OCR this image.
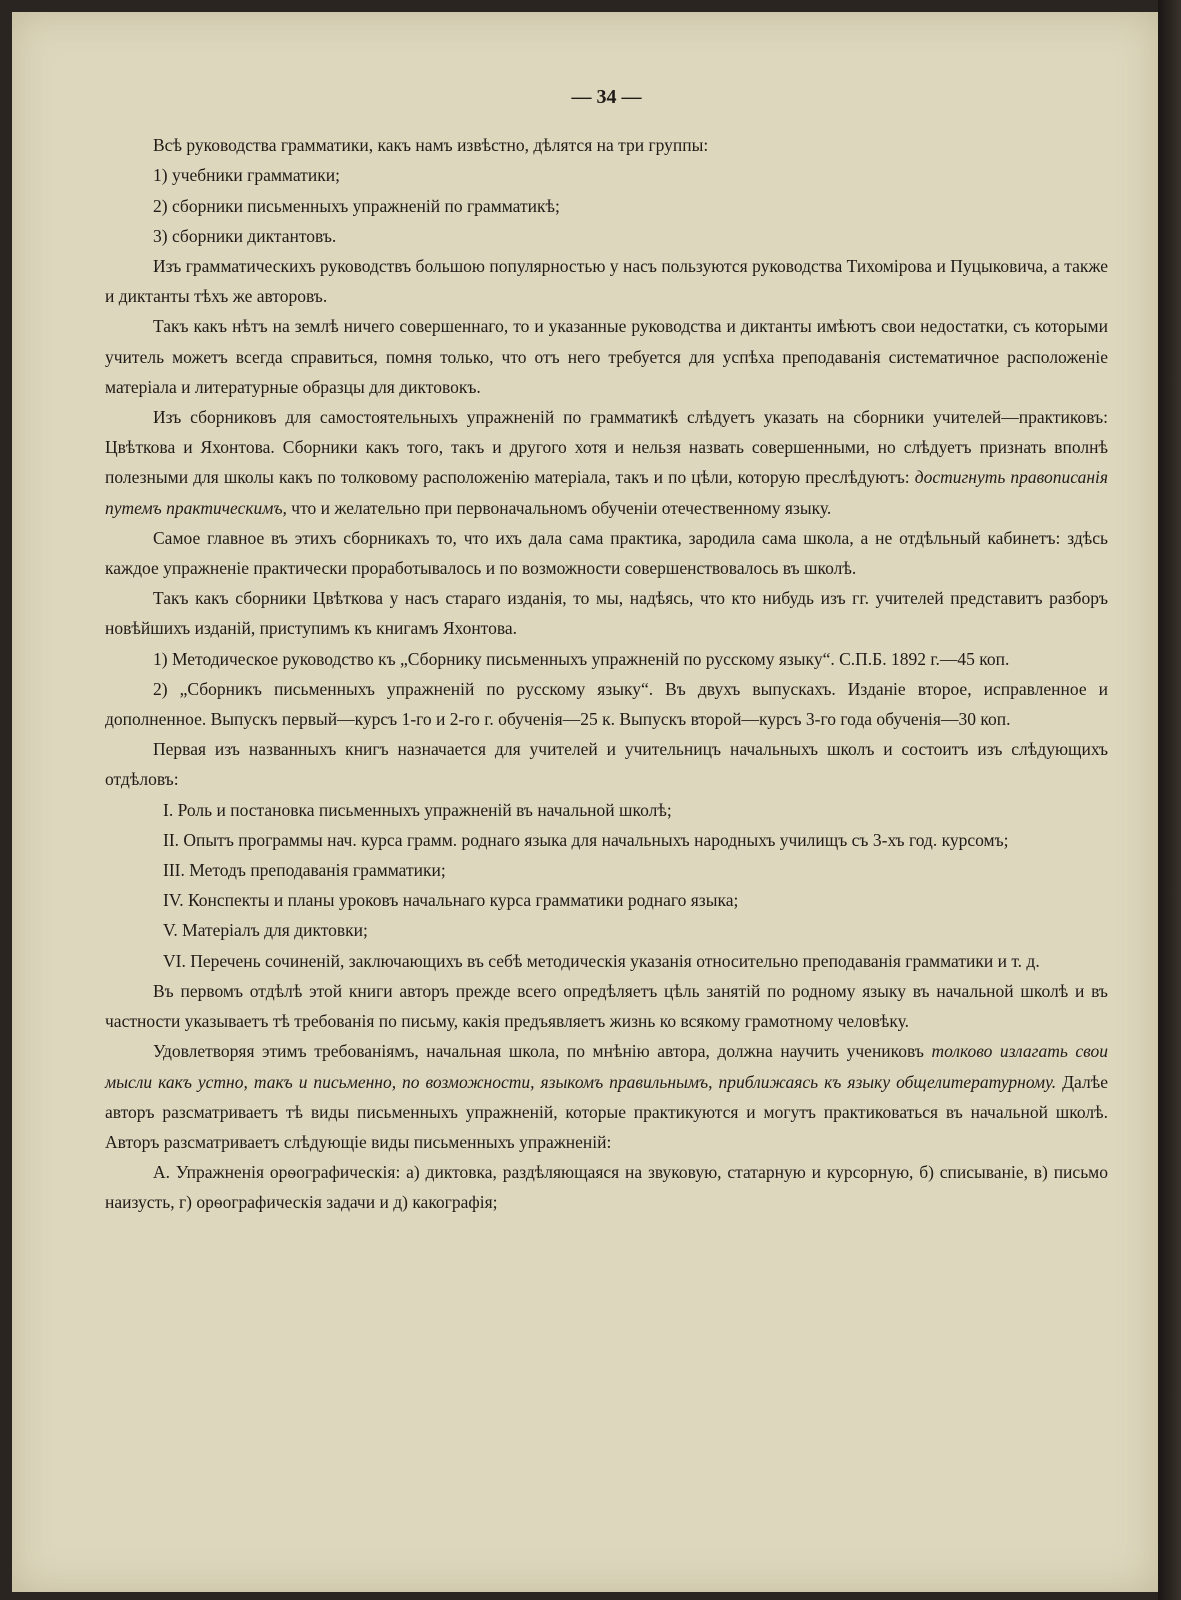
— 34 —

Всѣ руководства грамматики, какъ намъ извѣстно, дѣлятся на три группы:

1) учебники грамматики;

2) сборники письменныхъ упражненій по грамматикѣ;

3) сборники диктантовъ.

Изъ грамматическихъ руководствъ большою популярностью у насъ пользуются руководства Тихомірова и Пуцыковича, а также и диктанты тѣхъ же авторовъ.

Такъ какъ нѣтъ на землѣ ничего совершеннаго, то и указанные руководства и диктанты имѣютъ свои недостатки, съ которыми учитель можетъ всегда справиться, помня только, что отъ него требуется для успѣха преподаванія систематичное расположеніе матеріала и литературные образцы для диктовокъ.

Изъ сборниковъ для самостоятельныхъ упражненій по грамматикѣ слѣдуетъ указать на сборники учителей—практиковъ: Цвѣткова и Яхонтова. Сборники какъ того, такъ и другого хотя и нельзя назвать совершенными, но слѣдуетъ признать вполнѣ полезными для школы какъ по толковому расположенію матеріала, такъ и по цѣли, которую преслѣдуютъ: достигнуть правописанія путемъ практическимъ, что и желательно при первоначальномъ обученіи отечественному языку.

Самое главное въ этихъ сборникахъ то, что ихъ дала сама практика, зародила сама школа, а не отдѣльный кабинетъ: здѣсь каждое упражненіе практически проработывалось и по возможности совершенствовалось въ школѣ.

Такъ какъ сборники Цвѣткова у насъ стараго изданія, то мы, надѣясь, что кто нибудь изъ гг. учителей представитъ разборъ новѣйшихъ изданій, приступимъ къ книгамъ Яхонтова.

1) Методическое руководство къ „Сборнику письменныхъ упражненій по русскому языку“. С.П.Б. 1892 г.—45 коп.

2) „Сборникъ письменныхъ упражненій по русскому языку“. Въ двухъ выпускахъ. Изданіе второе, исправленное и дополненное. Выпускъ первый—курсъ 1-го и 2-го г. обученія—25 к. Выпускъ второй—курсъ 3-го года обученія—30 коп.

Первая изъ названныхъ книгъ назначается для учителей и учительницъ начальныхъ школъ и состоитъ изъ слѣдующихъ отдѣловъ:

I. Роль и постановка письменныхъ упражненій въ начальной школѣ;

II. Опытъ программы нач. курса грамм. роднаго языка для начальныхъ народныхъ училищъ съ 3-хъ год. курсомъ;

III. Методъ преподаванія грамматики;

IV. Конспекты и планы уроковъ начальнаго курса грамматики роднаго языка;

V. Матеріалъ для диктовки;

VI. Перечень сочиненій, заключающихъ въ себѣ методическія указанія относительно преподаванія грамматики и т. д.

Въ первомъ отдѣлѣ этой книги авторъ прежде всего опредѣляетъ цѣль занятій по родному языку въ начальной школѣ и въ частности указываетъ тѣ требованія по письму, какія предъявляетъ жизнь ко всякому грамотному человѣку.

Удовлетворяя этимъ требованіямъ, начальная школа, по мнѣнію автора, должна научить учениковъ толково излагать свои мысли какъ устно, такъ и письменно, по возможности, языкомъ правильнымъ, приближаясь къ языку общелитературному. Далѣе авторъ разсматриваетъ тѣ виды письменныхъ упражненій, которые практикуются и могутъ практиковаться въ начальной школѣ. Авторъ разсматриваетъ слѣдующіе виды письменныхъ упражненій:

А. Упражненія орѳографическія: а) диктовка, раздѣляющаяся на звуковую, статарную и курсорную, б) списываніе, в) письмо наизусть, г) орѳографическія задачи и д) какографія;
